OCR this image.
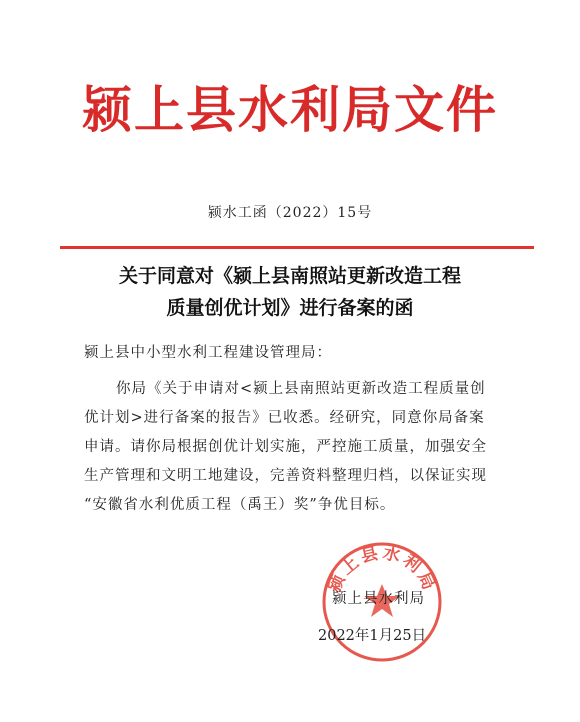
颍上县水利局文件
颍水工函（2022）15号
关于同意对《颍上县南照站更新改造工程
质量创优计划》进行备案的函
颍上县中小型水利工程建设管理局：
你局《关于申请对<颍上县南照站更新改造工程质量创
优计划>进行备案的报告》已收悉。经研究，同意你局备案
申请。请你局根据创优计划实施，严控施工质量，加强安全
生产管理和文明工地建设，完善资料整理归档，以保证实现
“安徽省水利优质工程（禹王）奖”争优目标。
颍上县水利局
颍上县水利局
2022年1月25日
